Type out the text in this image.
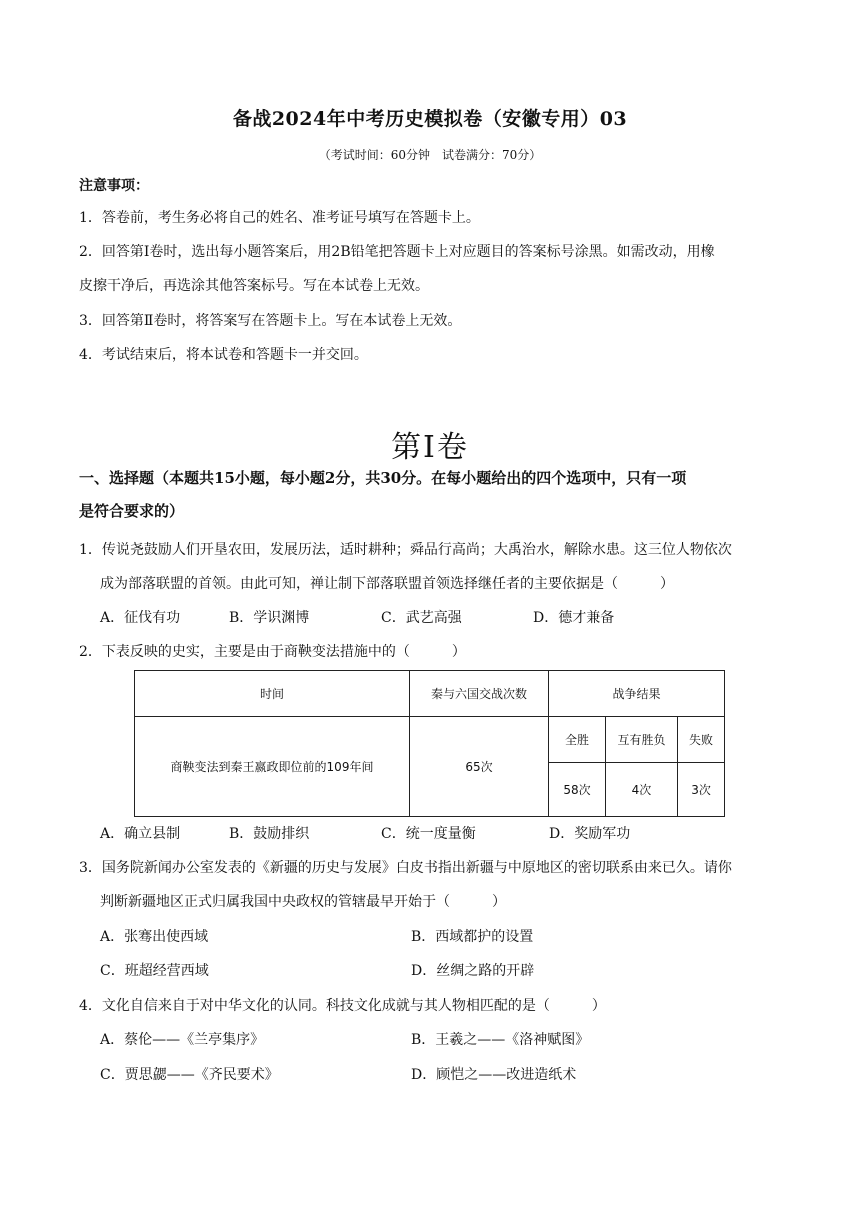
备战2024年中考历史模拟卷（安徽专用）03
（考试时间：60分钟　试卷满分：70分）
注意事项：
1．答卷前，考生务必将自己的姓名、准考证号填写在答题卡上。
2．回答第Ⅰ卷时，选出每小题答案后，用2B铅笔把答题卡上对应题目的答案标号涂黑。如需改动，用橡
皮擦干净后，再选涂其他答案标号。写在本试卷上无效。
3．回答第Ⅱ卷时，将答案写在答题卡上。写在本试卷上无效。
4．考试结束后，将本试卷和答题卡一并交回。
第Ⅰ卷
一、选择题（本题共15小题，每小题2分，共30分。在每小题给出的四个选项中，只有一项
是符合要求的）
1．传说尧鼓励人们开垦农田，发展历法，适时耕种；舜品行高尚；大禹治水，解除水患。这三位人物依次
成为部落联盟的首领。由此可知，禅让制下部落联盟首领选择继任者的主要依据是（　　　）
A．征伐有功	B．学识渊博	C．武艺高强	D．德才兼备
2．下表反映的史实，主要是由于商鞅变法措施中的（　　　）
时间	秦与六国交战次数	战争结果		
商鞅变法到秦王嬴政即位前的109年间	65次	全胜	互有胜负	失败
		58次	4次	3次
A．确立县制	B．鼓励排织	C．统一度量衡	D．奖励军功
3．国务院新闻办公室发表的《新疆的历史与发展》白皮书指出新疆与中原地区的密切联系由来已久。请你
判断新疆地区正式归属我国中央政权的管辖最早开始于（　　　）
A．张骞出使西域	B．西域都护的设置
C．班超经营西域	D．丝绸之路的开辟
4．文化自信来自于对中华文化的认同。科技文化成就与其人物相匹配的是（　　　）
A．蔡伦——《兰亭集序》	B．王羲之——《洛神赋图》
C．贾思勰——《齐民要术》	D．顾恺之——改进造纸术
